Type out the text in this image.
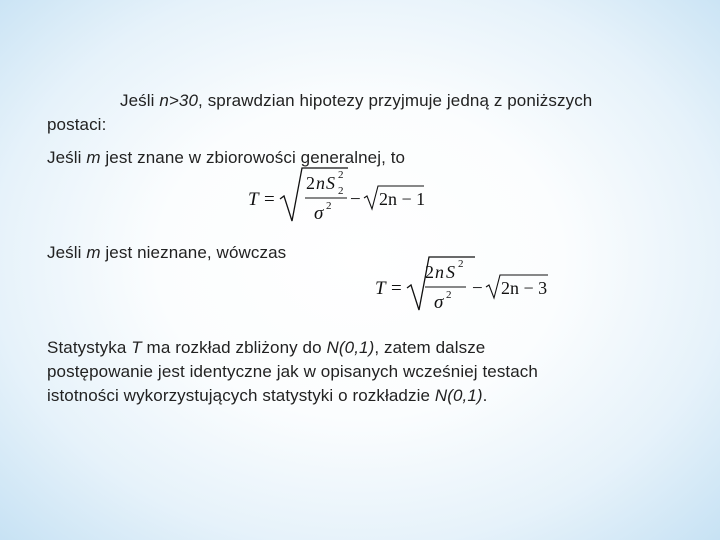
Jeśli n>30, sprawdzian hipotezy przyjmuje jedną z poniższych
postaci:
Jeśli m jest znane w zbiorowości generalnej, to
T =
2 n S 2
2
σ 2 − 2n − 1
Jeśli m jest nieznane, wówczas
T =
2 n S 2
σ 2 − 2n − 3
Statystyka T ma rozkład zbliżony do N(0,1), zatem dalsze
postępowanie jest identyczne jak w opisanych wcześniej testach
istotności wykorzystujących statystyki o rozkładzie N(0,1).
